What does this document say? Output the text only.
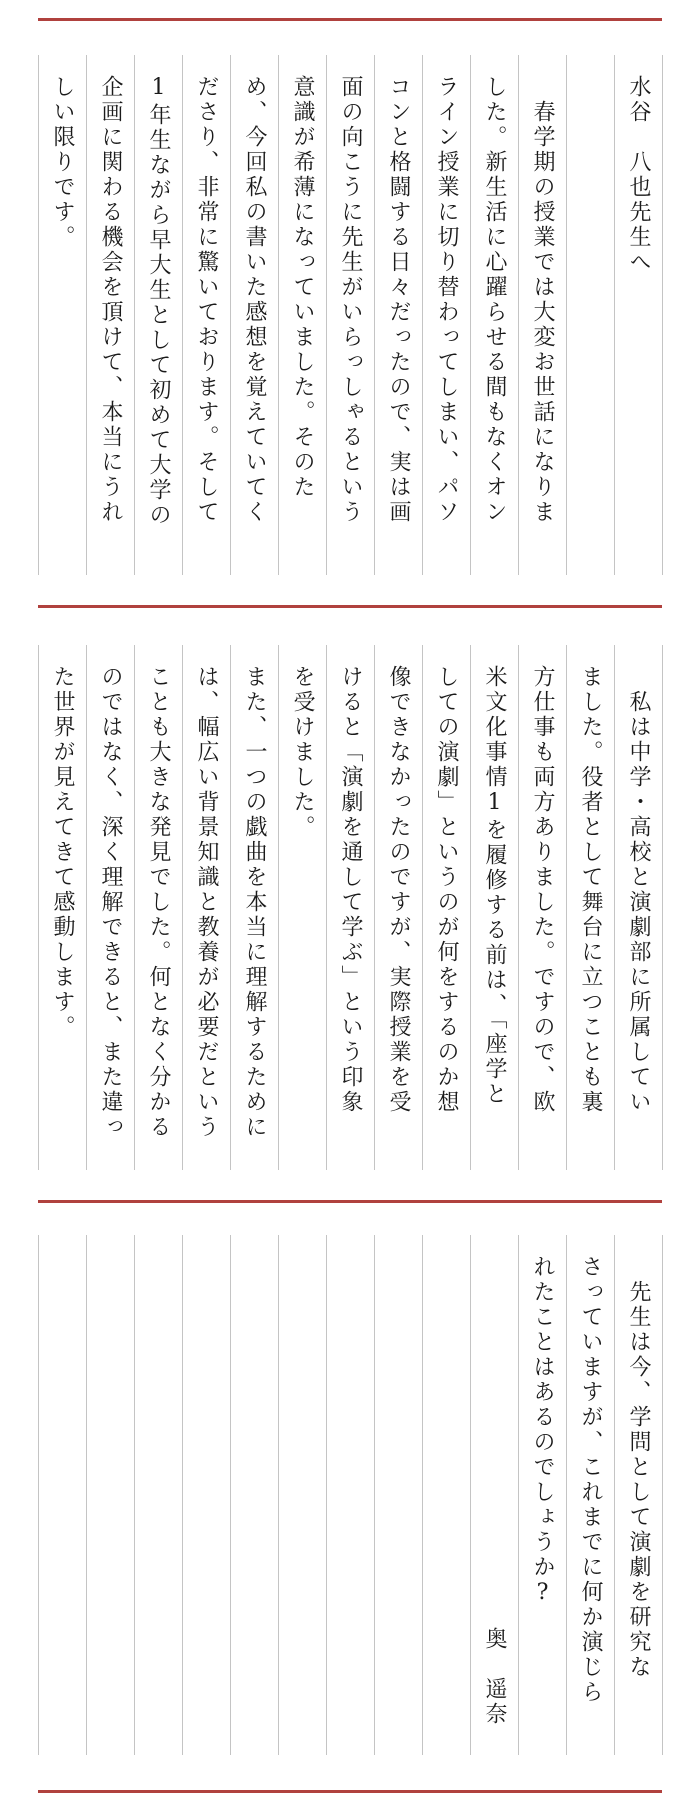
水谷　八也先生へ
　春学期の授業では大変お世話になりま
した。新生活に心躍らせる間もなくオン
ライン授業に切り替わってしまい、パソ
コンと格闘する日々だったので、実は画
面の向こうに先生がいらっしゃるという
意識が希薄になっていました。そのた
め、今回私の書いた感想を覚えていてく
ださり、非常に驚いております。そして
1年生ながら早大生として初めて大学の
企画に関わる機会を頂けて、本当にうれ
しい限りです。
　私は中学・高校と演劇部に所属してい
ました。役者として舞台に立つことも裏
方仕事も両方ありました。ですので、欧
米文化事情1を履修する前は、「座学と
しての演劇」というのが何をするのか想
像できなかったのですが、実際授業を受
けると「演劇を通して学ぶ」という印象
を受けました。
また、一つの戯曲を本当に理解するために
は、幅広い背景知識と教養が必要だという
ことも大きな発見でした。何となく分かる
のではなく、深く理解できると、また違っ
た世界が見えてきて感動します。
　先生は今、学問として演劇を研究な
さっていますが、これまでに何か演じら
れたことはあるのでしょうか?
奥　遥奈
